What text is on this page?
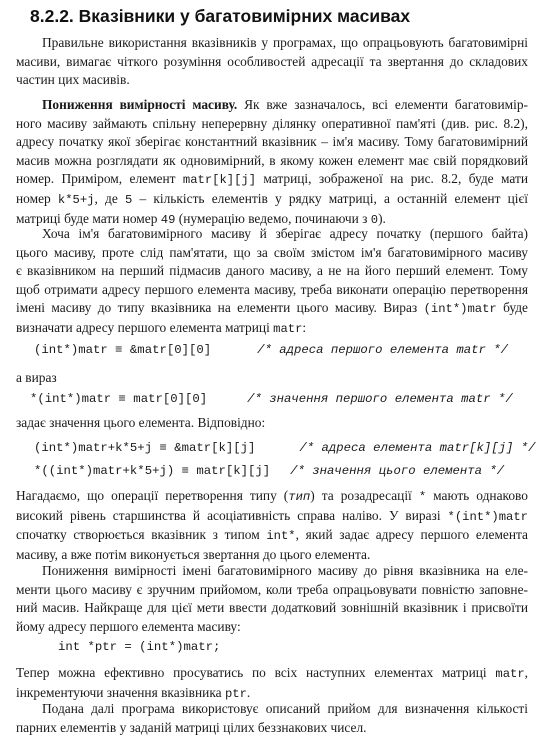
8.2.2. Вказівники у багатовимірних масивах
Правильне використання вказівників у програмах, що опрацьовують багатовимірні
масиви, вимагає чіткого розуміння особливостей адресації та звертання до складових
частин цих масивів.
Пониження вимірності масиву. Як вже зазначалось, всі елементи багатовимір-
ного масиву займають спільну неперервну ділянку оперативної пам'яті (див. рис. 8.2),
адресу початку якої зберігає константний вказівник – ім'я масиву. Тому багатовимірний
масив можна розглядати як одновимірний, в якому кожен елемент має свій порядковий
номер. Приміром, елемент matr[k][j] матриці, зображеної на рис. 8.2, буде мати
номер k*5+j, де 5 – кількість елементів у рядку матриці, а останній елемент цієї
матриці буде мати номер 49 (нумерацію ведемо, починаючи з 0).
Хоча ім'я багатовимірного масиву й зберігає адресу початку (першого байта)
цього масиву, проте слід пам'ятати, що за своїм змістом ім'я багатовимірного масиву
є вказівником на перший підмасив даного масиву, а не на його перший елемент. Тому
щоб отримати адресу першого елемента масиву, треба виконати операцію перетворення
імені масиву до типу вказівника на елементи цього масиву. Вираз (int*)matr буде
визначати адресу першого елемента матриці matr:
(int*)matr ≡ &matr[0][0]	/* адреса першого елемента matr */
а вираз
*(int*)matr ≡ matr[0][0]	/* значення першого елемента matr */
задає значення цього елемента. Відповідно:
(int*)matr+k*5+j ≡ &matr[k][j]	/* адреса елемента matr[k][j] */
*((int*)matr+k*5+j) ≡ matr[k][j] /* значення цього елемента */
Нагадаємо, що операції перетворення типу (тип) та розадресації * мають однаково
високий рівень старшинства й асоціативність справа наліво. У виразі *(int*)matr
спочатку створюється вказівник з типом int*, який задає адресу першого елемента
масиву, а вже потім виконується звертання до цього елемента.
Пониження вимірності імені багатовимірного масиву до рівня вказівника на еле-
менти цього масиву є зручним прийомом, коли треба опрацьовувати повністю заповне-
ний масив. Найкраще для цієї мети ввести додатковий зовнішній вказівник і присвоїти
йому адресу першого елемента масиву:
int *ptr = (int*)matr;
Тепер можна ефективно просуватись по всіх наступних елементах матриці matr,
інкрементуючи значення вказівника ptr.
Подана далі програма використовує описаний прийом для визначення кількості
парних елементів у заданій матриці цілих беззнакових чисел.
